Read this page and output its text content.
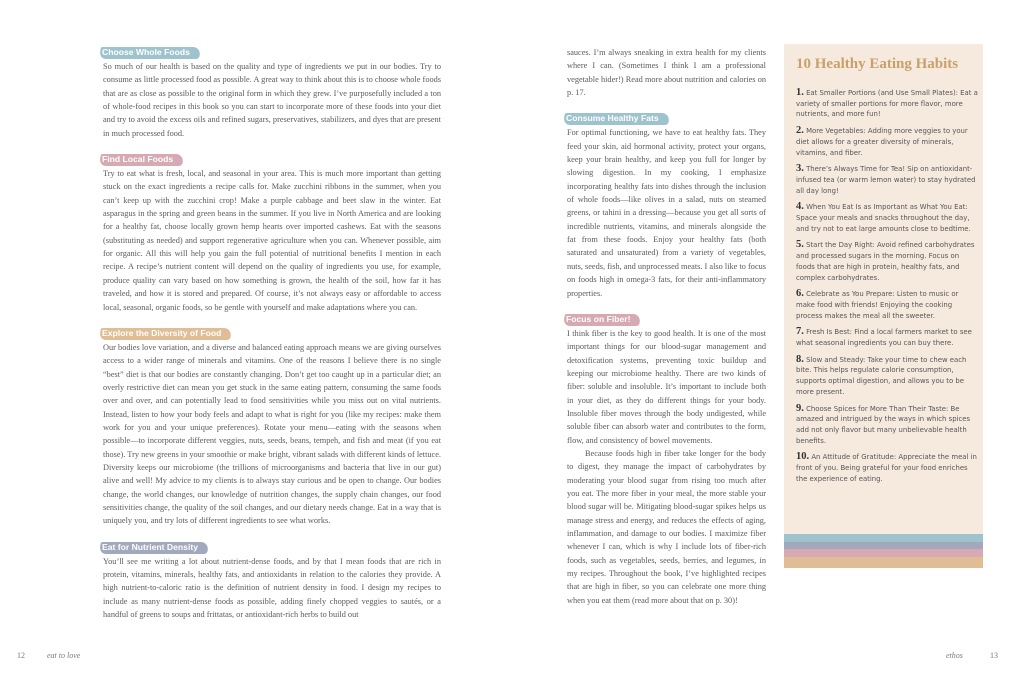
Choose Whole Foods

So much of our health is based on the quality and type of ingredients we put in our bodies. Try to consume as little processed food as possible. A great way to think about this is to choose whole foods that are as close as possible to the original form in which they grew. I’ve purposefully included a ton of whole-food recipes in this book so you can start to incorporate more of these foods into your diet and try to avoid the excess oils and refined sugars, preservatives, stabilizers, and dyes that are present in much processed food.

Find Local Foods

Try to eat what is fresh, local, and seasonal in your area. This is much more important than getting stuck on the exact ingredients a recipe calls for. Make zucchini ribbons in the summer, when you can’t keep up with the zucchini crop! Make a purple cabbage and beet slaw in the winter. Eat asparagus in the spring and green beans in the summer. If you live in North America and are looking for a healthy fat, choose locally grown hemp hearts over imported cashews. Eat with the seasons (substituting as needed) and support regenerative agriculture when you can. Whenever possible, aim for organic. All this will help you gain the full potential of nutritional benefits I mention in each recipe. A recipe’s nutrient content will depend on the quality of ingredients you use, for example, produce quality can vary based on how something is grown, the health of the soil, how far it has traveled, and how it is stored and prepared. Of course, it’s not always easy or affordable to access local, seasonal, organic foods, so be gentle with yourself and make adaptations where you can.

Explore the Diversity of Food

Our bodies love variation, and a diverse and balanced eating approach means we are giving ourselves access to a wider range of minerals and vitamins. One of the reasons I believe there is no single “best” diet is that our bodies are constantly changing. Don’t get too caught up in a particular diet; an overly restrictive diet can mean you get stuck in the same eating pattern, consuming the same foods over and over, and can potentially lead to food sensitivities while you miss out on vital nutrients. Instead, listen to how your body feels and adapt to what is right for you (like my recipes: make them work for you and your unique preferences). Rotate your menu—eating with the seasons when possible—to incorporate different veggies, nuts, seeds, beans, tempeh, and fish and meat (if you eat those). Try new greens in your smoothie or make bright, vibrant salads with different kinds of lettuce. Diversity keeps our microbiome (the trillions of microorganisms and bacteria that live in our gut) alive and well! My advice to my clients is to always stay curious and be open to change. Our bodies change, the world changes, our knowledge of nutrition changes, the supply chain changes, our food sensitivities change, the quality of the soil changes, and our dietary needs change. Eat in a way that is uniquely you, and try lots of different ingredients to see what works.

Eat for Nutrient Density

You’ll see me writing a lot about nutrient-dense foods, and by that I mean foods that are rich in protein, vitamins, minerals, healthy fats, and antioxidants in relation to the calories they provide. A high nutrient-to-caloric ratio is the definition of nutrient density in food. I design my recipes to include as many nutrient-dense foods as possible, adding finely chopped veggies to sautés, or a handful of greens to soups and frittatas, or antioxidant-rich herbs to build out

sauces. I’m always sneaking in extra health for my clients where I can. (Sometimes I think I am a professional vegetable hider!) Read more about nutrition and calories on p. 17.

Consume Healthy Fats

For optimal functioning, we have to eat healthy fats. They feed your skin, aid hormonal activity, protect your organs, keep your brain healthy, and keep you full for longer by slowing digestion. In my cooking, I emphasize incorporating healthy fats into dishes through the inclusion of whole foods—like olives in a salad, nuts on steamed greens, or tahini in a dressing—because you get all sorts of incredible nutrients, vitamins, and minerals alongside the fat from these foods. Enjoy your healthy fats (both saturated and unsaturated) from a variety of vegetables, nuts, seeds, fish, and unprocessed meats. I also like to focus on foods high in omega-3 fats, for their anti-inflammatory properties.

Focus on Fiber!

I think fiber is the key to good health. It is one of the most important things for our blood-sugar management and detoxification systems, preventing toxic buildup and keeping our microbiome healthy. There are two kinds of fiber: soluble and insoluble. It’s important to include both in your diet, as they do different things for your body. Insoluble fiber moves through the body undigested, while soluble fiber can absorb water and contributes to the form, flow, and consistency of bowel movements.

Because foods high in fiber take longer for the body to digest, they manage the impact of carbohydrates by moderating your blood sugar from rising too much after you eat. The more fiber in your meal, the more stable your blood sugar will be. Mitigating blood-sugar spikes helps us manage stress and energy, and reduces the effects of aging, inflammation, and damage to our bodies. I maximize fiber whenever I can, which is why I include lots of fiber-rich foods, such as vegetables, seeds, berries, and legumes, in my recipes. Throughout the book, I’ve highlighted recipes that are high in fiber, so you can celebrate one more thing when you eat them (read more about that on p. 30)!

10 Healthy Eating Habits
1. Eat Smaller Portions (and Use Small Plates): Eat a variety of smaller portions for more flavor, more nutrients, and more fun!
2. More Vegetables: Adding more veggies to your diet allows for a greater diversity of minerals, vitamins, and fiber.
3. There’s Always Time for Tea! Sip on antioxidant-infused tea (or warm lemon water) to stay hydrated all day long!
4. When You Eat Is as Important as What You Eat: Space your meals and snacks throughout the day, and try not to eat large amounts close to bedtime.
5. Start the Day Right: Avoid refined carbohydrates and processed sugars in the morning. Focus on foods that are high in protein, healthy fats, and complex carbohydrates.
6. Celebrate as You Prepare: Listen to music or make food with friends! Enjoying the cooking process makes the meal all the sweeter.
7. Fresh Is Best: Find a local farmers market to see what seasonal ingredients you can buy there.
8. Slow and Steady: Take your time to chew each bite. This helps regulate calorie consumption, supports optimal digestion, and allows you to be more present.
9. Choose Spices for More Than Their Taste: Be amazed and intrigued by the ways in which spices add not only flavor but many unbelievable health benefits.
10. An Attitude of Gratitude: Appreciate the meal in front of you. Being grateful for your food enriches the experience of eating.
12	eat to love	ethos	13
